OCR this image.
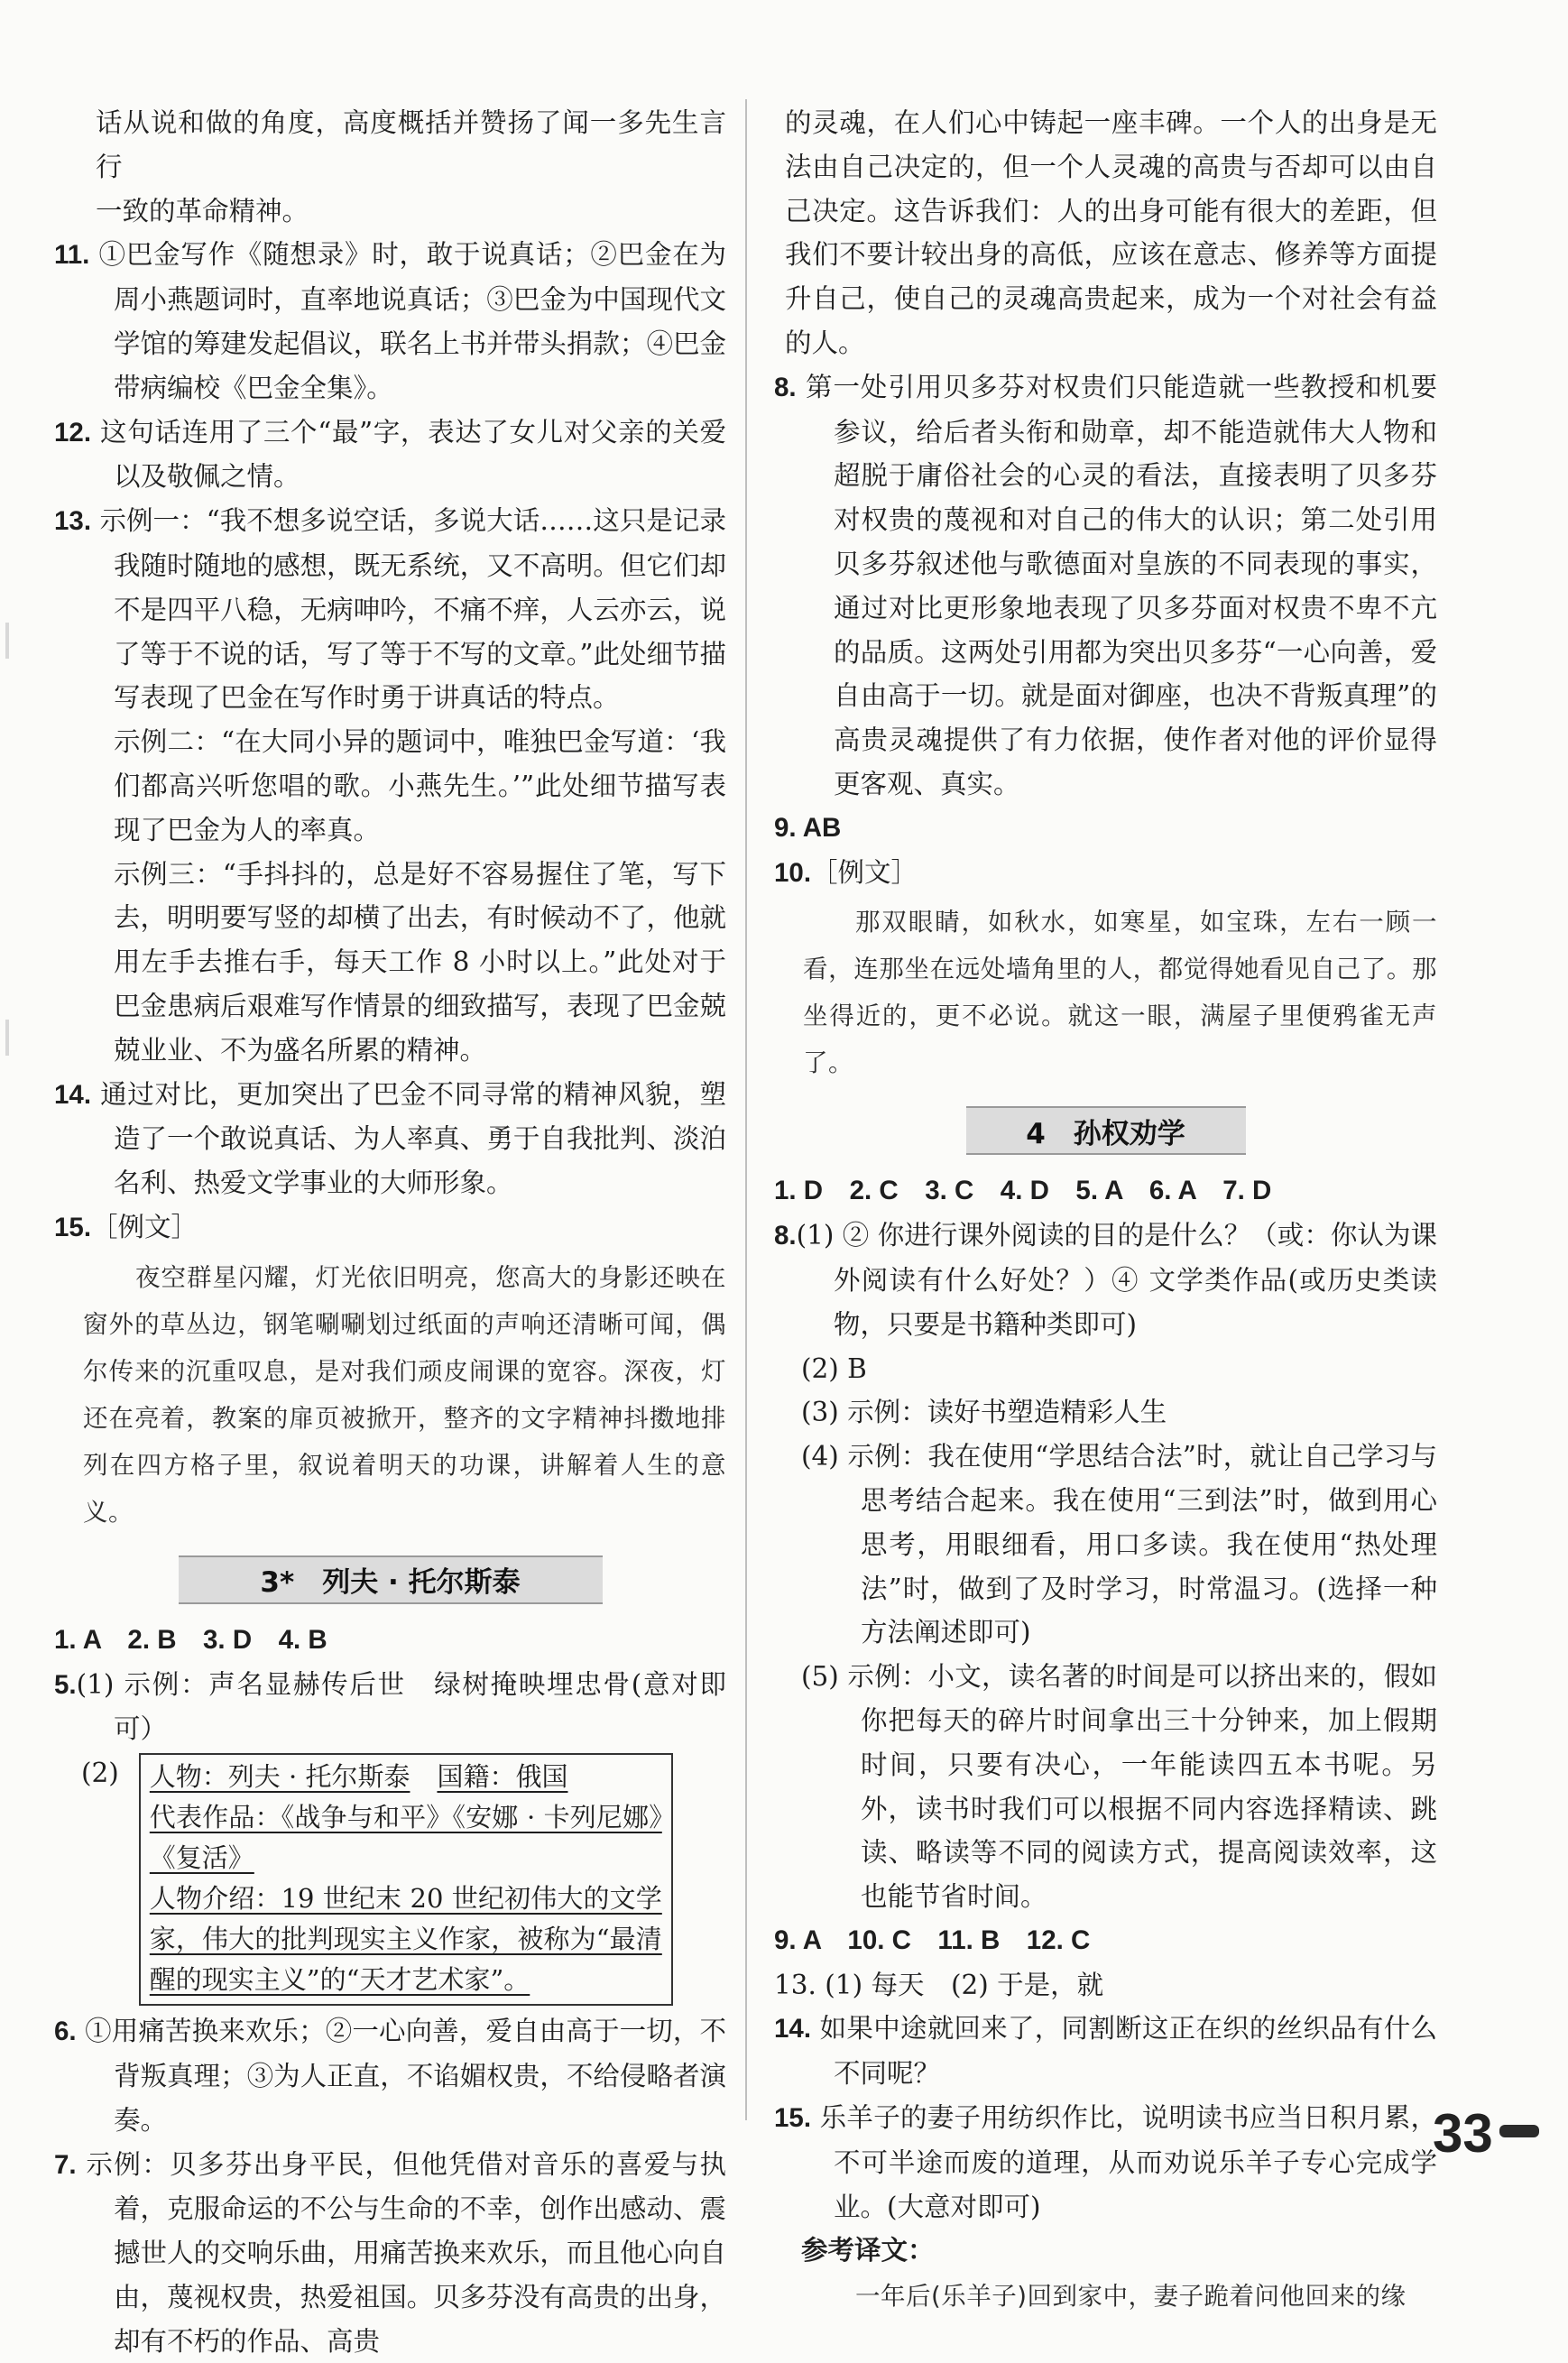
话从说和做的角度，高度概括并赞扬了闻一多先生言行

一致的革命精神。

11. ①巴金写作《随想录》时，敢于说真话；②巴金在为周小燕题词时，直率地说真话；③巴金为中国现代文学馆的筹建发起倡议，联名上书并带头捐款；④巴金带病编校《巴金全集》。

12. 这句话连用了三个“最”字，表达了女儿对父亲的关爱以及敬佩之情。

13. 示例一：“我不想多说空话，多说大话……这只是记录我随时随地的感想，既无系统，又不高明。但它们却不是四平八稳，无病呻吟，不痛不痒，人云亦云，说了等于不说的话，写了等于不写的文章。”此处细节描写表现了巴金在写作时勇于讲真话的特点。

示例二：“在大同小异的题词中，唯独巴金写道：‘我们都高兴听您唱的歌。小燕先生。’”此处细节描写表现了巴金为人的率真。

示例三：“手抖抖的，总是好不容易握住了笔，写下去，明明要写竖的却横了出去，有时候动不了，他就用左手去推右手，每天工作 8 小时以上。”此处对于巴金患病后艰难写作情景的细致描写，表现了巴金兢兢业业、不为盛名所累的精神。

14. 通过对比，更加突出了巴金不同寻常的精神风貌，塑造了一个敢说真话、为人率真、勇于自我批判、淡泊名利、热爱文学事业的大师形象。

15.［例文］

夜空群星闪耀，灯光依旧明亮，您高大的身影还映在窗外的草丛边，钢笔唰唰划过纸面的声响还清晰可闻，偶尔传来的沉重叹息，是对我们顽皮闹课的宽容。深夜，灯还在亮着，教案的扉页被掀开，整齐的文字精神抖擞地排列在四方格子里，叙说着明天的功课，讲解着人生的意义。

3*　列夫 · 托尔斯泰

1. A　2. B　3. D　4. B

5.(1) 示例：声名显赫传后世　绿树掩映埋忠骨(意对即可）

(2) 人物：列夫 · 托尔斯泰 国籍：俄国

代表作品：《战争与和平》《安娜 · 卡列尼娜》《复活》

人物介绍：19 世纪末 20 世纪初伟大的文学家，伟大的批判现实主义作家，被称为“最清醒的现实主义”的“天才艺术家”。

6. ①用痛苦换来欢乐；②一心向善，爱自由高于一切，不背叛真理；③为人正直，不谄媚权贵，不给侵略者演奏。

7. 示例：贝多芬出身平民，但他凭借对音乐的喜爱与执着，克服命运的不公与生命的不幸，创作出感动、震撼世人的交响乐曲，用痛苦换来欢乐，而且他心向自由，蔑视权贵，热爱祖国。贝多芬没有高贵的出身，却有不朽的作品、高贵

的灵魂，在人们心中铸起一座丰碑。一个人的出身是无法由自己决定的，但一个人灵魂的高贵与否却可以由自己决定。这告诉我们：人的出身可能有很大的差距，但我们不要计较出身的高低，应该在意志、修养等方面提升自己，使自己的灵魂高贵起来，成为一个对社会有益的人。

8. 第一处引用贝多芬对权贵们只能造就一些教授和机要参议，给后者头衔和勋章，却不能造就伟大人物和超脱于庸俗社会的心灵的看法，直接表明了贝多芬对权贵的蔑视和对自己的伟大的认识；第二处引用贝多芬叙述他与歌德面对皇族的不同表现的事实，通过对比更形象地表现了贝多芬面对权贵不卑不亢的品质。这两处引用都为突出贝多芬“一心向善，爱自由高于一切。就是面对御座，也决不背叛真理”的高贵灵魂提供了有力依据，使作者对他的评价显得更客观、真实。

9. AB

10.［例文］

那双眼睛，如秋水，如寒星，如宝珠，左右一顾一看，连那坐在远处墙角里的人，都觉得她看见自己了。那坐得近的，更不必说。就这一眼，满屋子里便鸦雀无声了。

4　孙权劝学

1. D　2. C　3. C　4. D　5. A　6. A　7. D

8.(1) ② 你进行课外阅读的目的是什么？（或：你认为课外阅读有什么好处？）④ 文学类作品(或历史类读物，只要是书籍种类即可)

(2) B

(3) 示例：读好书塑造精彩人生

(4) 示例：我在使用“学思结合法”时，就让自己学习与思考结合起来。我在使用“三到法”时，做到用心思考，用眼细看，用口多读。我在使用“热处理法”时，做到了及时学习，时常温习。(选择一种方法阐述即可)

(5) 示例：小文，读名著的时间是可以挤出来的，假如你把每天的碎片时间拿出三十分钟来，加上假期时间，只要有决心，一年能读四五本书呢。另外，读书时我们可以根据不同内容选择精读、跳读、略读等不同的阅读方式，提高阅读效率，这也能节省时间。

9. A　10. C　11. B　12. C

13. (1) 每天　(2) 于是，就

14. 如果中途就回来了，同割断这正在织的丝织品有什么不同呢？

15. 乐羊子的妻子用纺织作比，说明读书应当日积月累，不可半途而废的道理，从而劝说乐羊子专心完成学业。(大意对即可)

参考译文：

一年后(乐羊子)回到家中，妻子跪着问他回来的缘

33
